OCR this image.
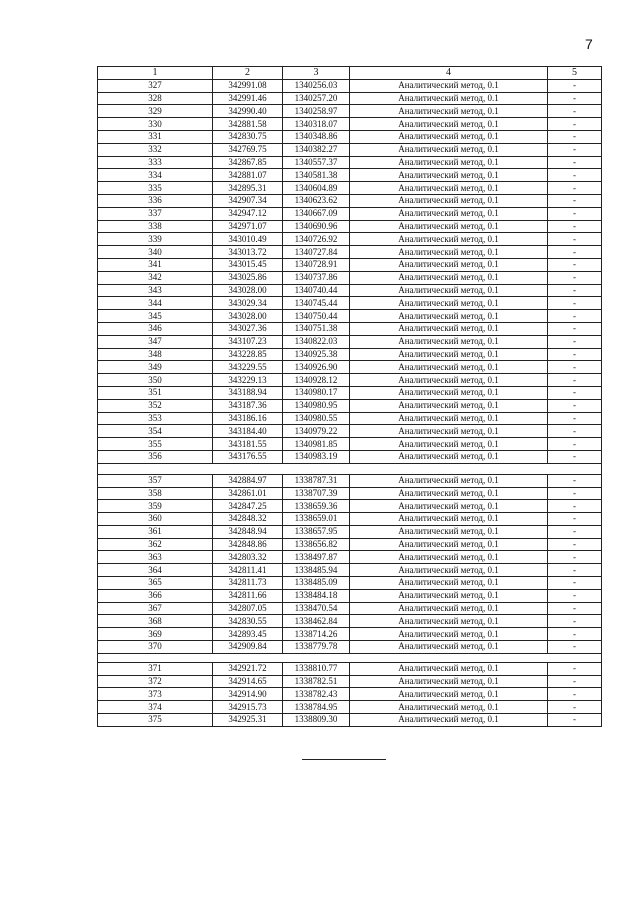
7
1	2	3	4	5
327	342991.08	1340256.03	Аналитический метод, 0.1	-
328	342991.46	1340257.20	Аналитический метод, 0.1	-
329	342990.40	1340258.97	Аналитический метод, 0.1	-
330	342881.58	1340318.07	Аналитический метод, 0.1	-
331	342830.75	1340348.86	Аналитический метод, 0.1	-
332	342769.75	1340382.27	Аналитический метод, 0.1	-
333	342867.85	1340557.37	Аналитический метод, 0.1	-
334	342881.07	1340581.38	Аналитический метод, 0.1	-
335	342895.31	1340604.89	Аналитический метод, 0.1	-
336	342907.34	1340623.62	Аналитический метод, 0.1	-
337	342947.12	1340667.09	Аналитический метод, 0.1	-
338	342971.07	1340690.96	Аналитический метод, 0.1	-
339	343010.49	1340726.92	Аналитический метод, 0.1	-
340	343013.72	1340727.84	Аналитический метод, 0.1	-
341	343015.45	1340728.91	Аналитический метод, 0.1	-
342	343025.86	1340737.86	Аналитический метод, 0.1	-
343	343028.00	1340740.44	Аналитический метод, 0.1	-
344	343029.34	1340745.44	Аналитический метод, 0.1	-
345	343028.00	1340750.44	Аналитический метод, 0.1	-
346	343027.36	1340751.38	Аналитический метод, 0.1	-
347	343107.23	1340822.03	Аналитический метод, 0.1	-
348	343228.85	1340925.38	Аналитический метод, 0.1	-
349	343229.55	1340926.90	Аналитический метод, 0.1	-
350	343229.13	1340928.12	Аналитический метод, 0.1	-
351	343188.94	1340980.17	Аналитический метод, 0.1	-
352	343187.36	1340980.95	Аналитический метод, 0.1	-
353	343186.16	1340980.55	Аналитический метод, 0.1	-
354	343184.40	1340979.22	Аналитический метод, 0.1	-
355	343181.55	1340981.85	Аналитический метод, 0.1	-
356	343176.55	1340983.19	Аналитический метод, 0.1	-

357	342884.97	1338787.31	Аналитический метод, 0.1	-
358	342861.01	1338707.39	Аналитический метод, 0.1	-
359	342847.25	1338659.36	Аналитический метод, 0.1	-
360	342848.32	1338659.01	Аналитический метод, 0.1	-
361	342848.94	1338657.95	Аналитический метод, 0.1	-
362	342848.86	1338656.82	Аналитический метод, 0.1	-
363	342803.32	1338497.87	Аналитический метод, 0.1	-
364	342811.41	1338485.94	Аналитический метод, 0.1	-
365	342811.73	1338485.09	Аналитический метод, 0.1	-
366	342811.66	1338484.18	Аналитический метод, 0.1	-
367	342807.05	1338470.54	Аналитический метод, 0.1	-
368	342830.55	1338462.84	Аналитический метод, 0.1	-
369	342893.45	1338714.26	Аналитический метод, 0.1	-
370	342909.84	1338779.78	Аналитический метод, 0.1	-

371	342921.72	1338810.77	Аналитический метод, 0.1	-
372	342914.65	1338782.51	Аналитический метод, 0.1	-
373	342914.90	1338782.43	Аналитический метод, 0.1	-
374	342915.73	1338784.95	Аналитический метод, 0.1	-
375	342925.31	1338809.30	Аналитический метод, 0.1	-
